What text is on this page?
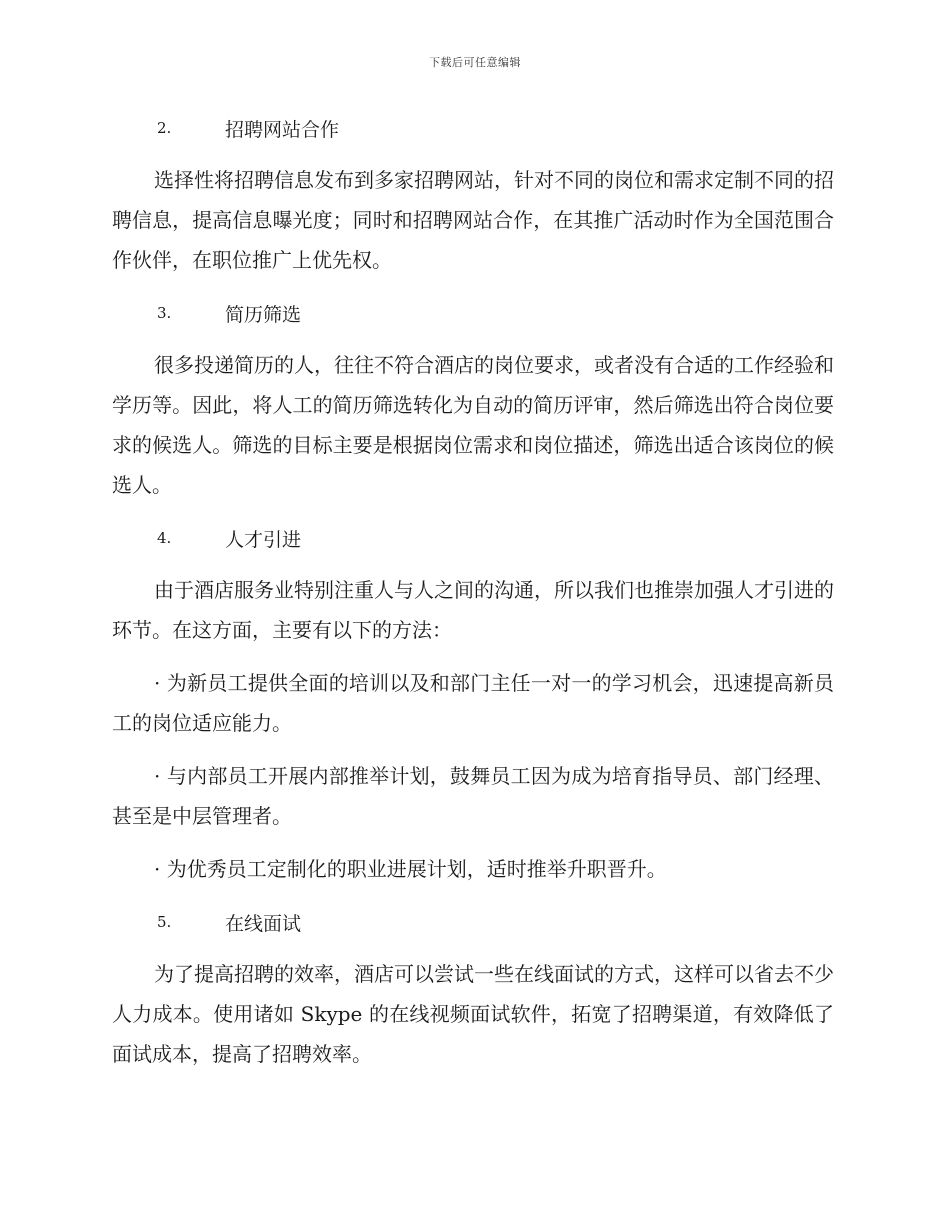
下载后可任意编辑
2.	招聘网站合作

选择性将招聘信息发布到多家招聘网站，针对不同的岗位和需求定制不同的招聘信息，提高信息曝光度；同时和招聘网站合作，在其推广活动时作为全国范围合作伙伴，在职位推广上优先权。

3.	简历筛选

很多投递简历的人，往往不符合酒店的岗位要求，或者没有合适的工作经验和学历等。因此，将人工的简历筛选转化为自动的简历评审，然后筛选出符合岗位要求的候选人。筛选的目标主要是根据岗位需求和岗位描述，筛选出适合该岗位的候选人。

4.	人才引进

由于酒店服务业特别注重人与人之间的沟通，所以我们也推崇加强人才引进的环节。在这方面，主要有以下的方法：

· 为新员工提供全面的培训以及和部门主任一对一的学习机会，迅速提高新员工的岗位适应能力。

· 与内部员工开展内部推举计划，鼓舞员工因为成为培育指导员、部门经理、甚至是中层管理者。

· 为优秀员工定制化的职业进展计划，适时推举升职晋升。

5.	在线面试

为了提高招聘的效率，酒店可以尝试一些在线面试的方式，这样可以省去不少人力成本。使用诸如 Skype 的在线视频面试软件，拓宽了招聘渠道，有效降低了面试成本，提高了招聘效率。
